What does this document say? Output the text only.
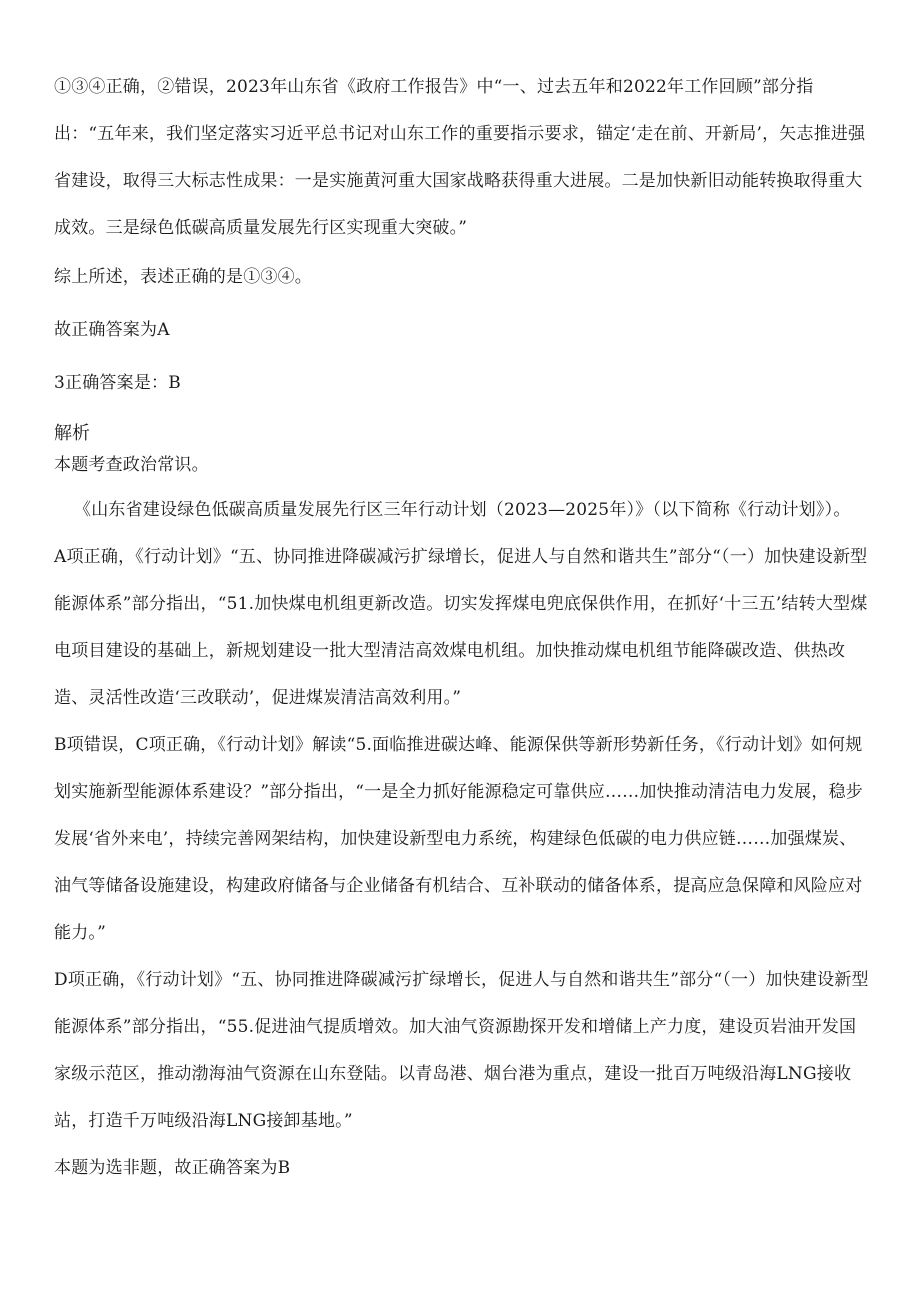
①③④正确，②错误，2023年山东省《政府工作报告》中“一、过去五年和2022年工作回顾”部分指出：“五年来，我们坚定落实习近平总书记对山东工作的重要指示要求，锚定‘走在前、开新局’，矢志推进强省建设，取得三大标志性成果：一是实施黄河重大国家战略获得重大进展。二是加快新旧动能转换取得重大成效。三是绿色低碳高质量发展先行区实现重大突破。”

综上所述，表述正确的是①③④。

故正确答案为A

3正确答案是：B

解析

本题考查政治常识。

《山东省建设绿色低碳高质量发展先行区三年行动计划（2023—2025年）》（以下简称《行动计划》）。

A项正确，《行动计划》“五、协同推进降碳减污扩绿增长，促进人与自然和谐共生”部分“（一）加快建设新型能源体系”部分指出，“51.加快煤电机组更新改造。切实发挥煤电兜底保供作用，在抓好‘十三五’结转大型煤电项目建设的基础上，新规划建设一批大型清洁高效煤电机组。加快推动煤电机组节能降碳改造、供热改造、灵活性改造‘三改联动’，促进煤炭清洁高效利用。”

B项错误，C项正确，《行动计划》解读“5.面临推进碳达峰、能源保供等新形势新任务，《行动计划》如何规划实施新型能源体系建设？”部分指出，“一是全力抓好能源稳定可靠供应……加快推动清洁电力发展，稳步发展‘省外来电’，持续完善网架结构，加快建设新型电力系统，构建绿色低碳的电力供应链……加强煤炭、油气等储备设施建设，构建政府储备与企业储备有机结合、互补联动的储备体系，提高应急保障和风险应对能力。”

D项正确，《行动计划》“五、协同推进降碳减污扩绿增长，促进人与自然和谐共生”部分“（一）加快建设新型能源体系”部分指出，“55.促进油气提质增效。加大油气资源勘探开发和增储上产力度，建设页岩油开发国家级示范区，推动渤海油气资源在山东登陆。以青岛港、烟台港为重点，建设一批百万吨级沿海LNG接收站，打造千万吨级沿海LNG接卸基地。”

本题为选非题，故正确答案为B
